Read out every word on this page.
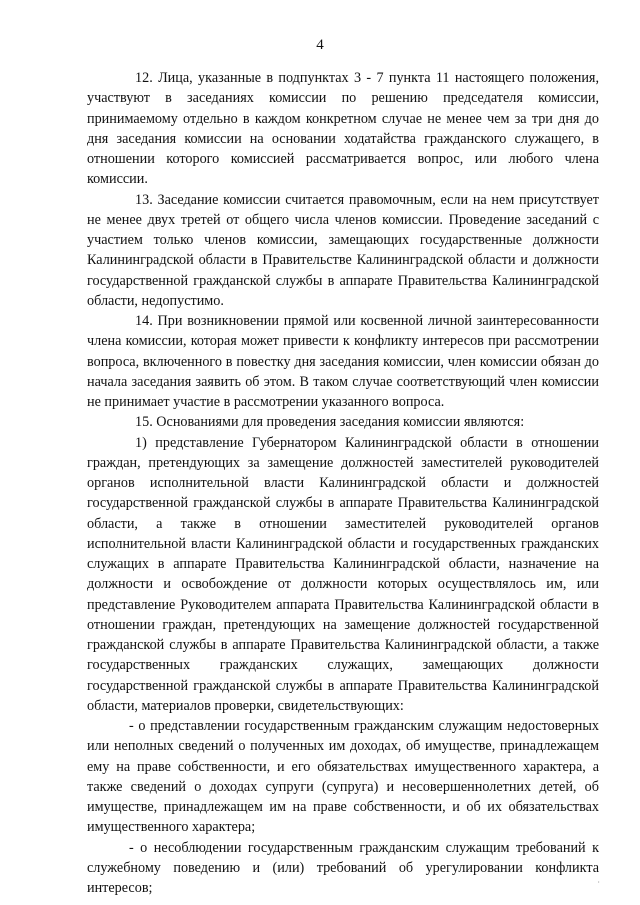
4

12. Лица, указанные в подпунктах 3 - 7 пункта 11 настоящего положения, участвуют в заседаниях комиссии по решению председателя комиссии, принимаемому отдельно в каждом конкретном случае не менее чем за три дня до дня заседания комиссии на основании ходатайства гражданского служащего, в отношении которого комиссией рассматривается вопрос, или любого члена комиссии.

13. Заседание комиссии считается правомочным, если на нем присутствует не менее двух третей от общего числа членов комиссии. Проведение заседаний с участием только членов комиссии, замещающих государственные должности Калининградской области в Правительстве Калининградской области и должности государственной гражданской службы в аппарате Правительства Калининградской области, недопустимо.

14. При возникновении прямой или косвенной личной заинтересованности члена комиссии, которая может привести к конфликту интересов при рассмотрении вопроса, включенного в повестку дня заседания комиссии, член комиссии обязан до начала заседания заявить об этом. В таком случае соответствующий член комиссии не принимает участие в рассмотрении указанного вопроса.

15. Основаниями для проведения заседания комиссии являются:

1) представление Губернатором Калининградской области в отношении граждан, претендующих за замещение должностей заместителей руководителей органов исполнительной власти Калининградской области и должностей государственной гражданской службы в аппарате Правительства Калининградской области, а также в отношении заместителей руководителей органов исполнительной власти Калининградской области и государственных гражданских служащих в аппарате Правительства Калининградской области, назначение на должности и освобождение от должности которых осуществлялось им, или представление Руководителем аппарата Правительства Калининградской области в отношении граждан, претендующих на замещение должностей государственной гражданской службы в аппарате Правительства Калининградской области, а также государственных гражданских служащих, замещающих должности государственной гражданской службы в аппарате Правительства Калининградской области, материалов проверки, свидетельствующих:

- о представлении государственным гражданским служащим недостоверных или неполных сведений о полученных им доходах, об имуществе, принадлежащем ему на праве собственности, и его обязательствах имущественного характера, а также сведений о доходах супруги (супруга) и несовершеннолетних детей, об имуществе, принадлежащем им на праве собственности, и об их обязательствах имущественного характера;

- о несоблюдении государственным гражданским служащим требований к служебному поведению и (или) требований об урегулировании конфликта интересов;	·
